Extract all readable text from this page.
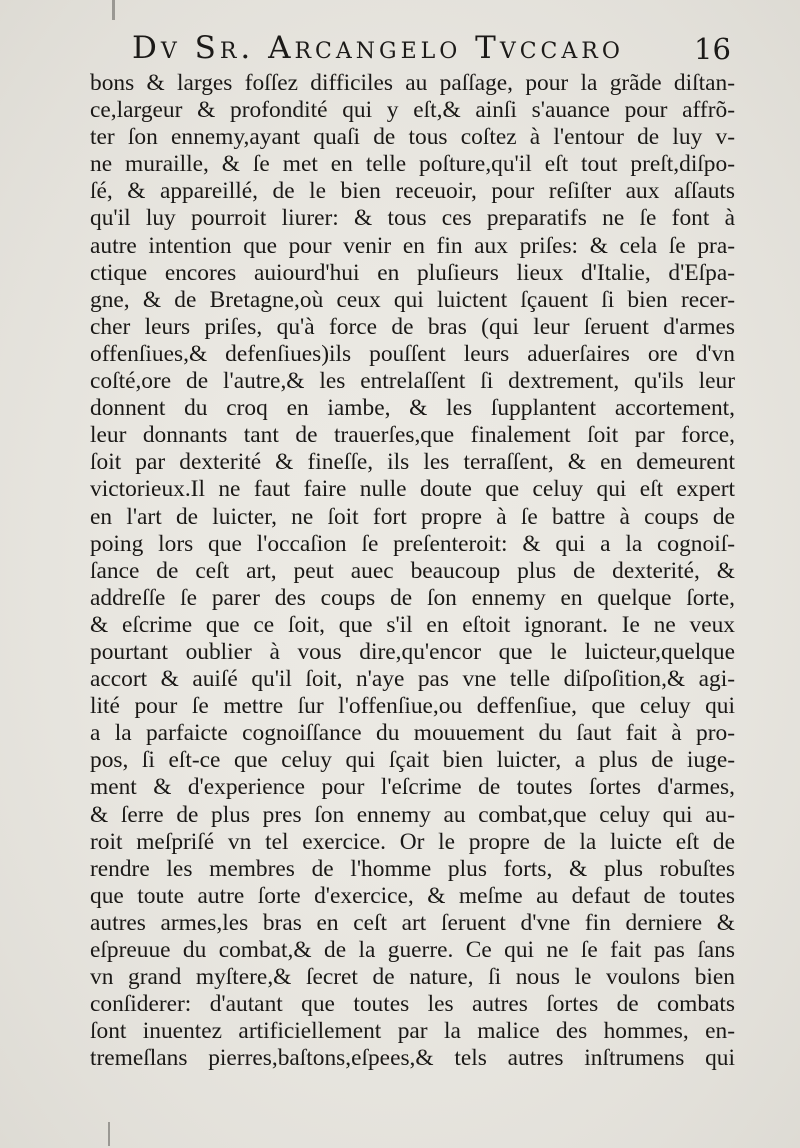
Dv Sr. Arcangelo Tvccaro	16
bons & larges foſſez difficiles au paſſage, pour la grãde diſtan-
ce,largeur & profondité qui y eſt,& ainſi s'auance pour affrõ-
ter ſon ennemy,ayant quaſi de tous coſtez à l'entour de luy v-
ne muraille, & ſe met en telle poſture,qu'il eſt tout preſt,diſpo-
ſé, & appareillé, de le bien receuoir, pour reſiſter aux aſſauts
qu'il luy pourroit liurer: & tous ces preparatifs ne ſe font à
autre intention que pour venir en fin aux priſes: & cela ſe pra-
ctique encores auiourd'hui en pluſieurs lieux d'Italie, d'Eſpa-
gne, & de Bretagne,où ceux qui luictent ſçauent ſi bien recer-
cher leurs priſes, qu'à force de bras (qui leur ſeruent d'armes
offenſiues,& defenſiues)ils pouſſent leurs aduerſaires ore d'vn
coſté,ore de l'autre,& les entrelaſſent ſi dextrement, qu'ils leur
donnent du croq en iambe, & les ſupplantent accortement,
leur donnants tant de trauerſes,que finalement ſoit par force,
ſoit par dexterité & fineſſe, ils les terraſſent, & en demeurent
victorieux.Il ne faut faire nulle doute que celuy qui eſt expert
en l'art de luicter, ne ſoit fort propre à ſe battre à coups de
poing lors que l'occaſion ſe preſenteroit: & qui a la cognoiſ-
ſance de ceſt art, peut auec beaucoup plus de dexterité, &
addreſſe ſe parer des coups de ſon ennemy en quelque ſorte,
& eſcrime que ce ſoit, que s'il en eſtoit ignorant. Ie ne veux
pourtant oublier à vous dire,qu'encor que le luicteur,quelque
accort & auiſé qu'il ſoit, n'aye pas vne telle diſpoſition,& agi-
lité pour ſe mettre ſur l'offenſiue,ou deffenſiue, que celuy qui
a la parfaicte cognoiſſance du mouuement du ſaut fait à pro-
pos, ſi eſt-ce que celuy qui ſçait bien luicter, a plus de iuge-
ment & d'experience pour l'eſcrime de toutes ſortes d'armes,
& ſerre de plus pres ſon ennemy au combat,que celuy qui au-
roit meſpriſé vn tel exercice. Or le propre de la luicte eſt de
rendre les membres de l'homme plus forts, & plus robuſtes
que toute autre ſorte d'exercice, & meſme au defaut de toutes
autres armes,les bras en ceſt art ſeruent d'vne fin derniere &
eſpreuue du combat,& de la guerre. Ce qui ne ſe fait pas ſans
vn grand myſtere,& ſecret de nature, ſi nous le voulons bien
conſiderer: d'autant que toutes les autres ſortes de combats
ſont inuentez artificiellement par la malice des hommes, en-
tremeſlans pierres,baſtons,eſpees,& tels autres inſtrumens qui
